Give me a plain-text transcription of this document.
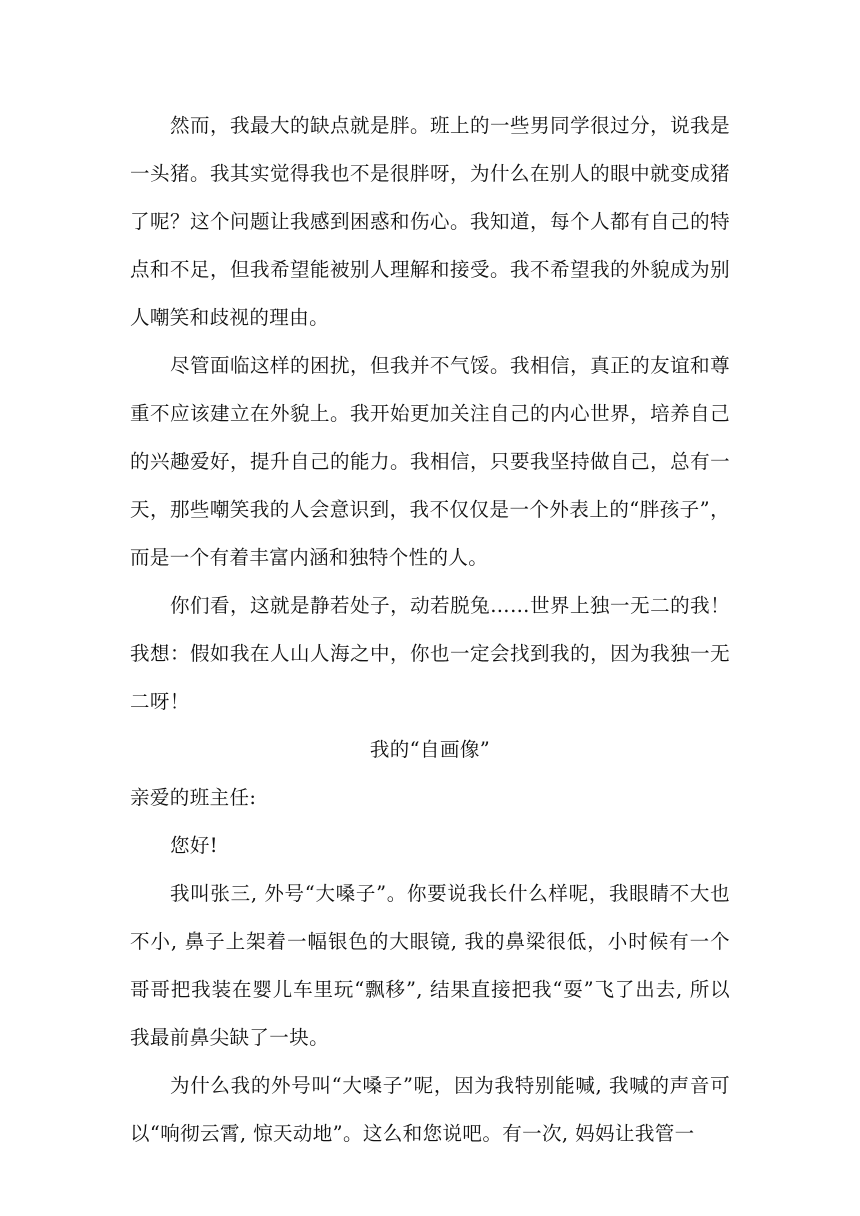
然而，我最大的缺点就是胖。班上的一些男同学很过分，说我是一头猪。我其实觉得我也不是很胖呀，为什么在别人的眼中就变成猪了呢？这个问题让我感到困惑和伤心。我知道，每个人都有自己的特点和不足，但我希望能被别人理解和接受。我不希望我的外貌成为别人嘲笑和歧视的理由。

尽管面临这样的困扰，但我并不气馁。我相信，真正的友谊和尊重不应该建立在外貌上。我开始更加关注自己的内心世界，培养自己的兴趣爱好，提升自己的能力。我相信，只要我坚持做自己，总有一天，那些嘲笑我的人会意识到，我不仅仅是一个外表上的“胖孩子”，而是一个有着丰富内涵和独特个性的人。

你们看，这就是静若处子，动若脱兔……世界上独一无二的我！我想：假如我在人山人海之中，你也一定会找到我的，因为我独一无二呀！

我的“自画像”

亲爱的班主任:

您好!

我叫张三, 外号“大嗓子”。你要说我长什么样呢，我眼睛不大也不小, 鼻子上架着一幅银色的大眼镜, 我的鼻梁很低，小时候有一个哥哥把我装在婴儿车里玩“飘移”, 结果直接把我“耍”飞了出去, 所以我最前鼻尖缺了一块。

为什么我的外号叫“大嗓子”呢，因为我特别能喊, 我喊的声音可以“响彻云霄, 惊天动地”。这么和您说吧。有一次, 妈妈让我管一
